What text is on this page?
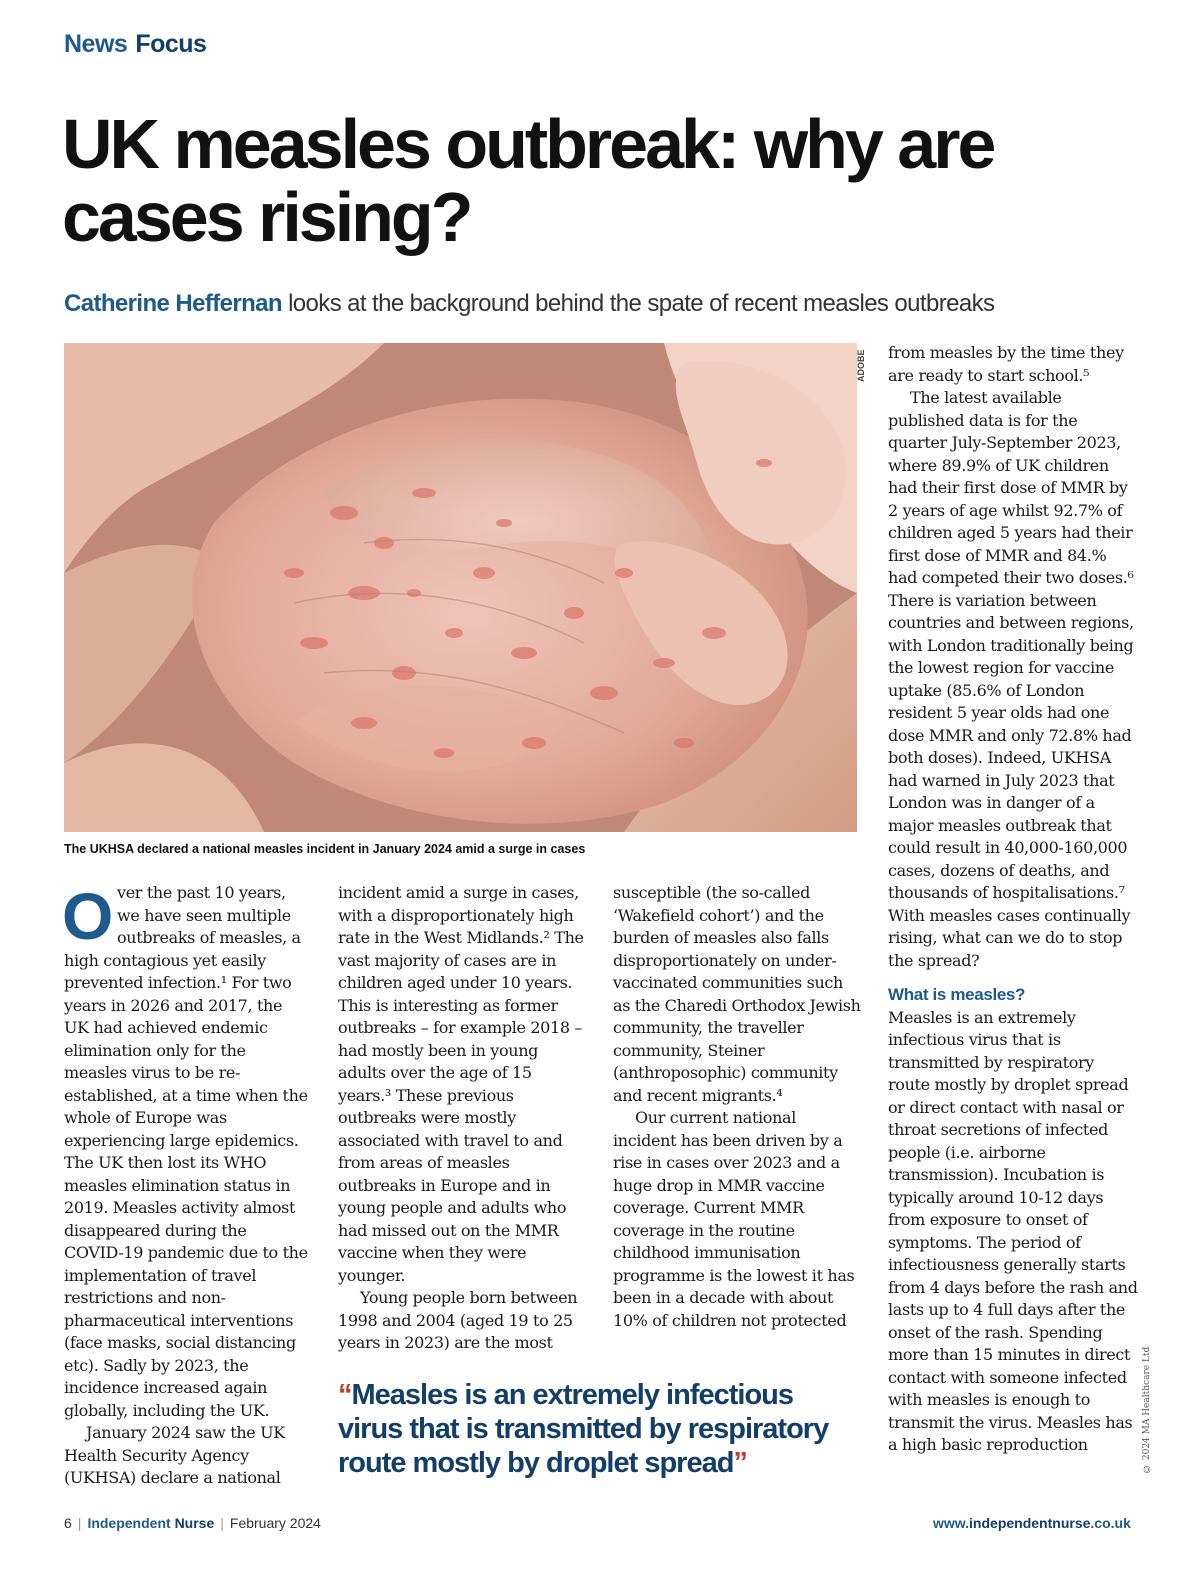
News Focus
UK measles outbreak: why are
cases rising?
Catherine Heffernan looks at the background behind the spate of recent measles outbreaks
ADOBE
The UKHSA declared a national measles incident in January 2024 amid a surge in cases

Over the past 10 years, we have seen multiple outbreaks of measles, a high contagious yet easily prevented infection.¹ For two years in 2026 and 2017, the UK had achieved endemic elimination only for the measles virus to be re-established, at a time when the whole of Europe was experiencing large epidemics. The UK then lost its WHO measles elimination status in 2019. Measles activity almost disappeared during the COVID-19 pandemic due to the implementation of travel restrictions and non-pharmaceutical interventions (face masks, social distancing etc). Sadly by 2023, the incidence increased again globally, including the UK.

January 2024 saw the UK Health Security Agency (UKHSA) declare a national

incident amid a surge in cases, with a disproportionately high rate in the West Midlands.² The vast majority of cases are in children aged under 10 years. This is interesting as former outbreaks – for example 2018 – had mostly been in young adults over the age of 15 years.³ These previous outbreaks were mostly associated with travel to and from areas of measles outbreaks in Europe and in young people and adults who had missed out on the MMR vaccine when they were younger.

Young people born between 1998 and 2004 (aged 19 to 25 years in 2023) are the most

susceptible (the so-called ‘Wakefield cohort’) and the burden of measles also falls disproportionately on under-vaccinated communities such as the Charedi Orthodox Jewish community, the traveller community, Steiner (anthroposophic) community and recent migrants.⁴

Our current national incident has been driven by a rise in cases over 2023 and a huge drop in MMR vaccine coverage. Current MMR coverage in the routine childhood immunisation programme is the lowest it has been in a decade with about 10% of children not protected

from measles by the time they are ready to start school.⁵

The latest available published data is for the quarter July-September 2023, where 89.9% of UK children had their first dose of MMR by 2 years of age whilst 92.7% of children aged 5 years had their first dose of MMR and 84.% had competed their two doses.⁶ There is variation between countries and between regions, with London traditionally being the lowest region for vaccine uptake (85.6% of London resident 5 year olds had one dose MMR and only 72.8% had both doses). Indeed, UKHSA had warned in July 2023 that London was in danger of a major measles outbreak that could result in 40,000-160,000 cases, dozens of deaths, and thousands of hospitalisations.⁷ With measles cases continually rising, what can we do to stop the spread?

What is measles?

Measles is an extremely infectious virus that is transmitted by respiratory route mostly by droplet spread or direct contact with nasal or throat secretions of infected people (i.e. airborne transmission). Incubation is typically around 10-12 days from exposure to onset of symptoms. The period of infectiousness generally starts from 4 days before the rash and lasts up to 4 full days after the onset of the rash. Spending more than 15 minutes in direct contact with someone infected with measles is enough to transmit the virus. Measles has a high basic reproduction

“Measles is an extremely infectious virus that is transmitted by respiratory route mostly by droplet spread”

6 | Independent Nurse | February 2024	www.independentnurse.co.uk
© 2024 MA Healthcare Ltd
